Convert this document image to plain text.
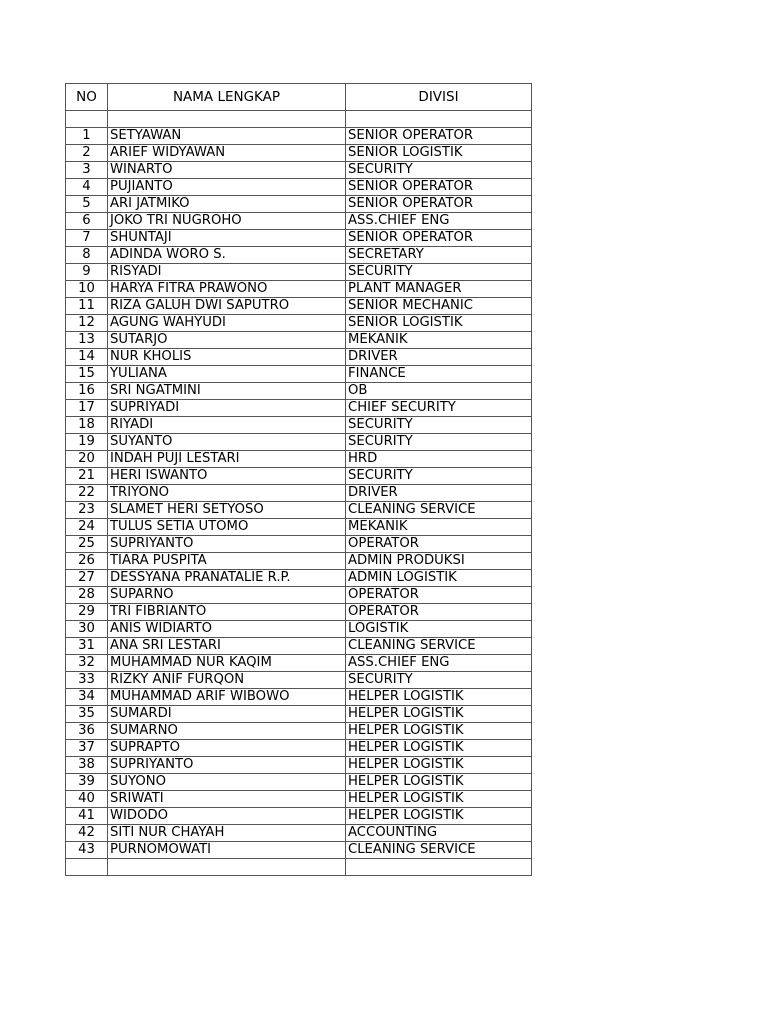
NO	NAMA LENGKAP	DIVISI

1	SETYAWAN	SENIOR OPERATOR
2	ARIEF WIDYAWAN	SENIOR LOGISTIK
3	WINARTO	SECURITY
4	PUJIANTO	SENIOR OPERATOR
5	ARI JATMIKO	SENIOR OPERATOR
6	JOKO TRI NUGROHO	ASS.CHIEF ENG
7	SHUNTAJI	SENIOR OPERATOR
8	ADINDA WORO S.	SECRETARY
9	RISYADI	SECURITY
10	HARYA FITRA PRAWONO	PLANT MANAGER
11	RIZA GALUH DWI SAPUTRO	SENIOR MECHANIC
12	AGUNG WAHYUDI	SENIOR LOGISTIK
13	SUTARJO	MEKANIK
14	NUR KHOLIS	DRIVER
15	YULIANA	FINANCE
16	SRI NGATMINI	OB
17	SUPRIYADI	CHIEF SECURITY
18	RIYADI	SECURITY
19	SUYANTO	SECURITY
20	INDAH PUJI LESTARI	HRD
21	HERI ISWANTO	SECURITY
22	TRIYONO	DRIVER
23	SLAMET HERI SETYOSO	CLEANING SERVICE
24	TULUS SETIA UTOMO	MEKANIK
25	SUPRIYANTO	OPERATOR
26	TIARA PUSPITA	ADMIN PRODUKSI
27	DESSYANA PRANATALIE R.P.	ADMIN LOGISTIK
28	SUPARNO	OPERATOR
29	TRI FIBRIANTO	OPERATOR
30	ANIS WIDIARTO	LOGISTIK
31	ANA SRI LESTARI	CLEANING SERVICE
32	MUHAMMAD NUR KAQIM	ASS.CHIEF ENG
33	RIZKY ANIF FURQON	SECURITY
34	MUHAMMAD ARIF WIBOWO	HELPER LOGISTIK
35	SUMARDI	HELPER LOGISTIK
36	SUMARNO	HELPER LOGISTIK
37	SUPRAPTO	HELPER LOGISTIK
38	SUPRIYANTO	HELPER LOGISTIK
39	SUYONO	HELPER LOGISTIK
40	SRIWATI	HELPER LOGISTIK
41	WIDODO	HELPER LOGISTIK
42	SITI NUR CHAYAH	ACCOUNTING
43	PURNOMOWATI	CLEANING SERVICE
